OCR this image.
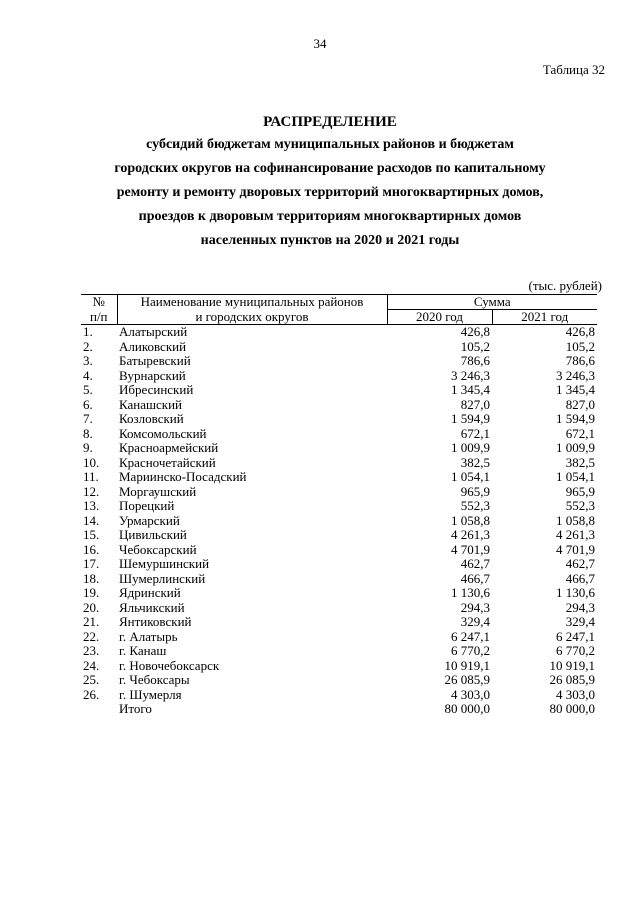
34
Таблица 32
РАСПРЕДЕЛЕНИЕ
субсидий бюджетам муниципальных районов и бюджетам
городских округов на софинансирование расходов по капитальному
ремонту и ремонту дворовых территорий многоквартирных домов,
проездов к дворовым территориям многоквартирных домов
населенных пунктов на 2020 и 2021 годы
(тыс. рублей)
№	Наименование муниципальных районов	Сумма	
п/п	и городских округов	2020 год	2021 год
1.	Алатырский	426,8	426,8
2.	Аликовский	105,2	105,2
3.	Батыревский	786,6	786,6
4.	Вурнарский	3 246,3	3 246,3
5.	Ибресинский	1 345,4	1 345,4
6.	Канашский	827,0	827,0
7.	Козловский	1 594,9	1 594,9
8.	Комсомольский	672,1	672,1
9.	Красноармейский	1 009,9	1 009,9
10.	Красночетайский	382,5	382,5
11.	Мариинско-Посадский	1 054,1	1 054,1
12.	Моргаушский	965,9	965,9
13.	Порецкий	552,3	552,3
14.	Урмарский	1 058,8	1 058,8
15.	Цивильский	4 261,3	4 261,3
16.	Чебоксарский	4 701,9	4 701,9
17.	Шемуршинский	462,7	462,7
18.	Шумерлинский	466,7	466,7
19.	Ядринский	1 130,6	1 130,6
20.	Яльчикский	294,3	294,3
21.	Янтиковский	329,4	329,4
22.	г. Алатырь	6 247,1	6 247,1
23.	г. Канаш	6 770,2	6 770,2
24.	г. Новочебоксарск	10 919,1	10 919,1
25.	г. Чебоксары	26 085,9	26 085,9
26.	г. Шумерля	4 303,0	4 303,0
	Итого	80 000,0	80 000,0
